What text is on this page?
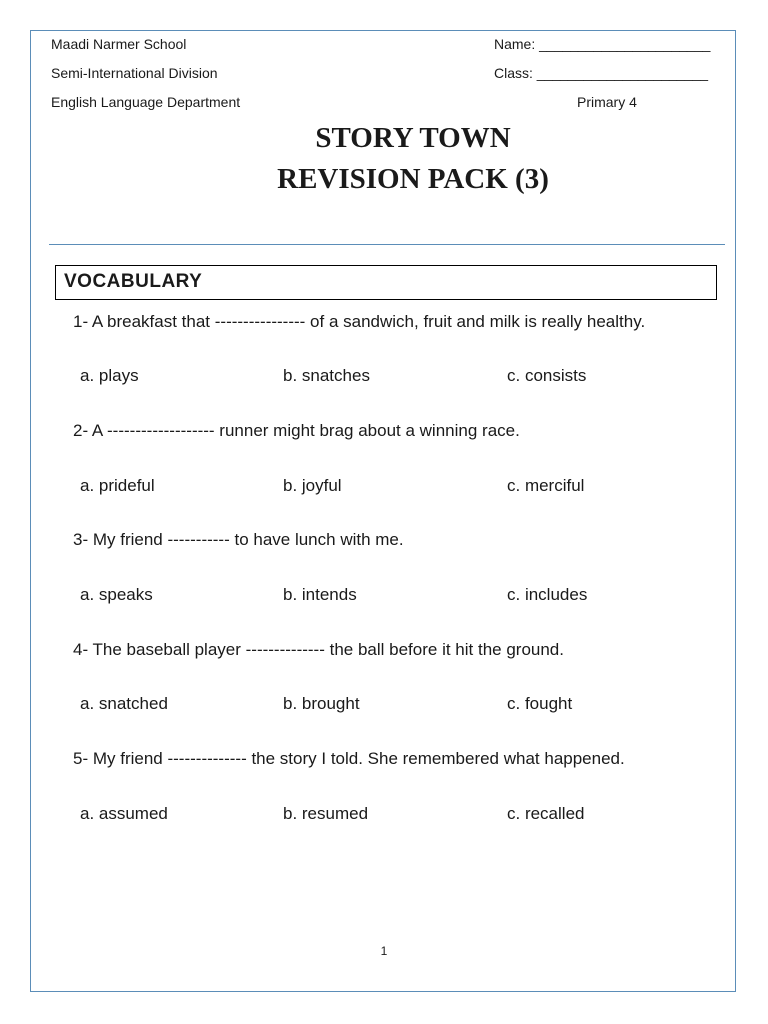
Maadi Narmer School
Semi-International Division
English Language Department
Name: ______________________
Class: ______________________
Primary 4
STORY TOWN
REVISION PACK (3)
VOCABULARY
1- A breakfast that ---------------- of a sandwich, fruit and milk is really healthy.
a. plays	b. snatches	c. consists
2- A ------------------- runner might brag about a winning race.
a. prideful	b. joyful	c. merciful
3- My friend ----------- to have lunch with me.
a. speaks	b. intends	c. includes
4- The baseball player -------------- the ball before it hit the ground.
a. snatched	b. brought	c. fought
5- My friend -------------- the story I told. She remembered what happened.
a. assumed	b. resumed	c. recalled
1
